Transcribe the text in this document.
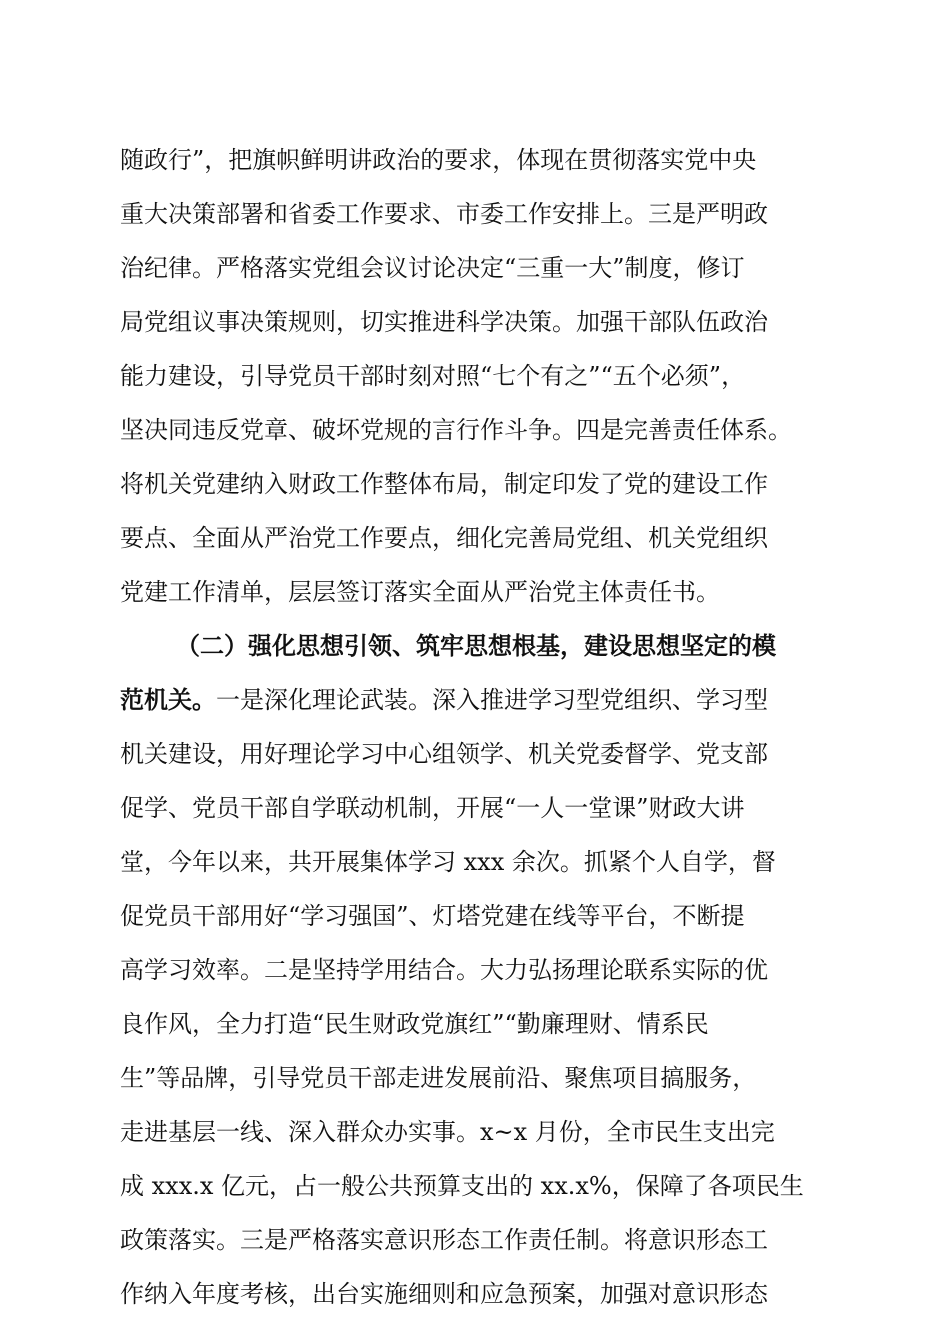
随政行”，把旗帜鲜明讲政治的要求，体现在贯彻落实党中央
重大决策部署和省委工作要求、市委工作安排上。三是严明政
治纪律。严格落实党组会议讨论决定“三重一大”制度，修订
局党组议事决策规则，切实推进科学决策。加强干部队伍政治
能力建设，引导党员干部时刻对照“七个有之”“五个必须”，
坚决同违反党章、破坏党规的言行作斗争。四是完善责任体系。
将机关党建纳入财政工作整体布局，制定印发了党的建设工作
要点、全面从严治党工作要点，细化完善局党组、机关党组织
党建工作清单，层层签订落实全面从严治党主体责任书。
（二）强化思想引领、筑牢思想根基，建设思想坚定的模
范机关。一是深化理论武装。深入推进学习型党组织、学习型
机关建设，用好理论学习中心组领学、机关党委督学、党支部
促学、党员干部自学联动机制，开展“一人一堂课”财政大讲
堂，今年以来，共开展集体学习 xxx 余次。抓紧个人自学，督
促党员干部用好“学习强国”、灯塔党建在线等平台，不断提
高学习效率。二是坚持学用结合。大力弘扬理论联系实际的优
良作风，全力打造“民生财政党旗红”“勤廉理财、情系民
生”等品牌，引导党员干部走进发展前沿、聚焦项目搞服务，
走进基层一线、深入群众办实事。x~x 月份，全市民生支出完
成 xxx.x 亿元，占一般公共预算支出的 xx.x%，保障了各项民生
政策落实。三是严格落实意识形态工作责任制。将意识形态工
作纳入年度考核，出台实施细则和应急预案，加强对意识形态
